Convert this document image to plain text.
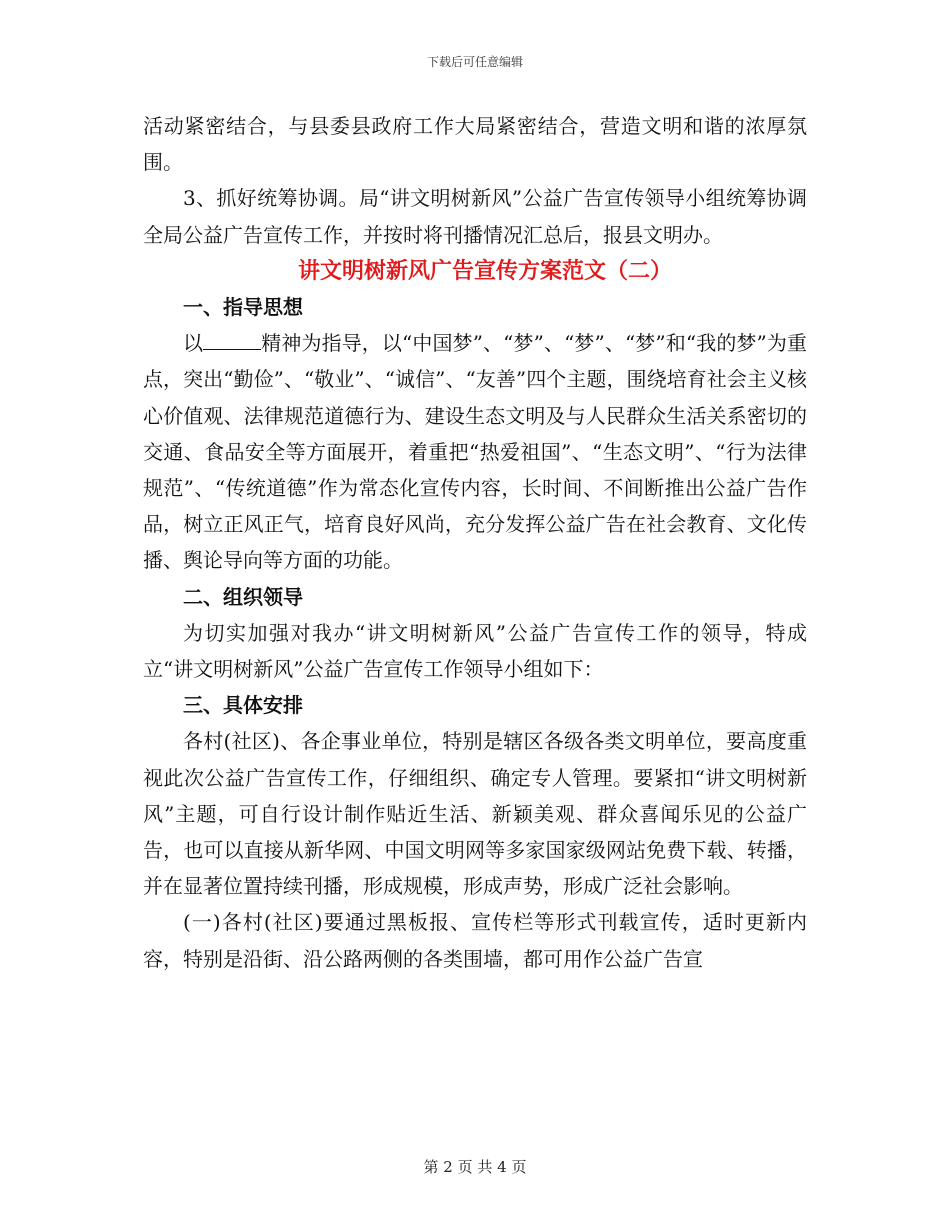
下载后可任意编辑

活动紧密结合，与县委县政府工作大局紧密结合，营造文明和谐的浓厚氛围。

3、抓好统筹协调。局“讲文明树新风”公益广告宣传领导小组统筹协调全局公益广告宣传工作，并按时将刊播情况汇总后，报县文明办。

讲文明树新风广告宣传方案范文（二）

一、指导思想

以	精神为指导，以“中国梦”、“梦”、“梦”、“梦”和“我的梦”为重点，突出“勤俭”、“敬业”、“诚信”、“友善”四个主题，围绕培育社会主义核心价值观、法律规范道德行为、建设生态文明及与人民群众生活关系密切的交通、食品安全等方面展开，着重把“热爱祖国”、“生态文明”、“行为法律规范”、“传统道德”作为常态化宣传内容，长时间、不间断推出公益广告作品，树立正风正气，培育良好风尚，充分发挥公益广告在社会教育、文化传播、舆论导向等方面的功能。

二、组织领导

为切实加强对我办“讲文明树新风”公益广告宣传工作的领导，特成立“讲文明树新风”公益广告宣传工作领导小组如下：

三、具体安排

各村(社区)、各企事业单位，特别是辖区各级各类文明单位，要高度重视此次公益广告宣传工作，仔细组织、确定专人管理。要紧扣“讲文明树新风”主题，可自行设计制作贴近生活、新颖美观、群众喜闻乐见的公益广告，也可以直接从新华网、中国文明网等多家国家级网站免费下载、转播，并在显著位置持续刊播，形成规模，形成声势，形成广泛社会影响。

(一)各村(社区)要通过黑板报、宣传栏等形式刊载宣传，适时更新内容，特别是沿街、沿公路两侧的各类围墙，都可用作公益广告宣

第 2 页 共 4 页
